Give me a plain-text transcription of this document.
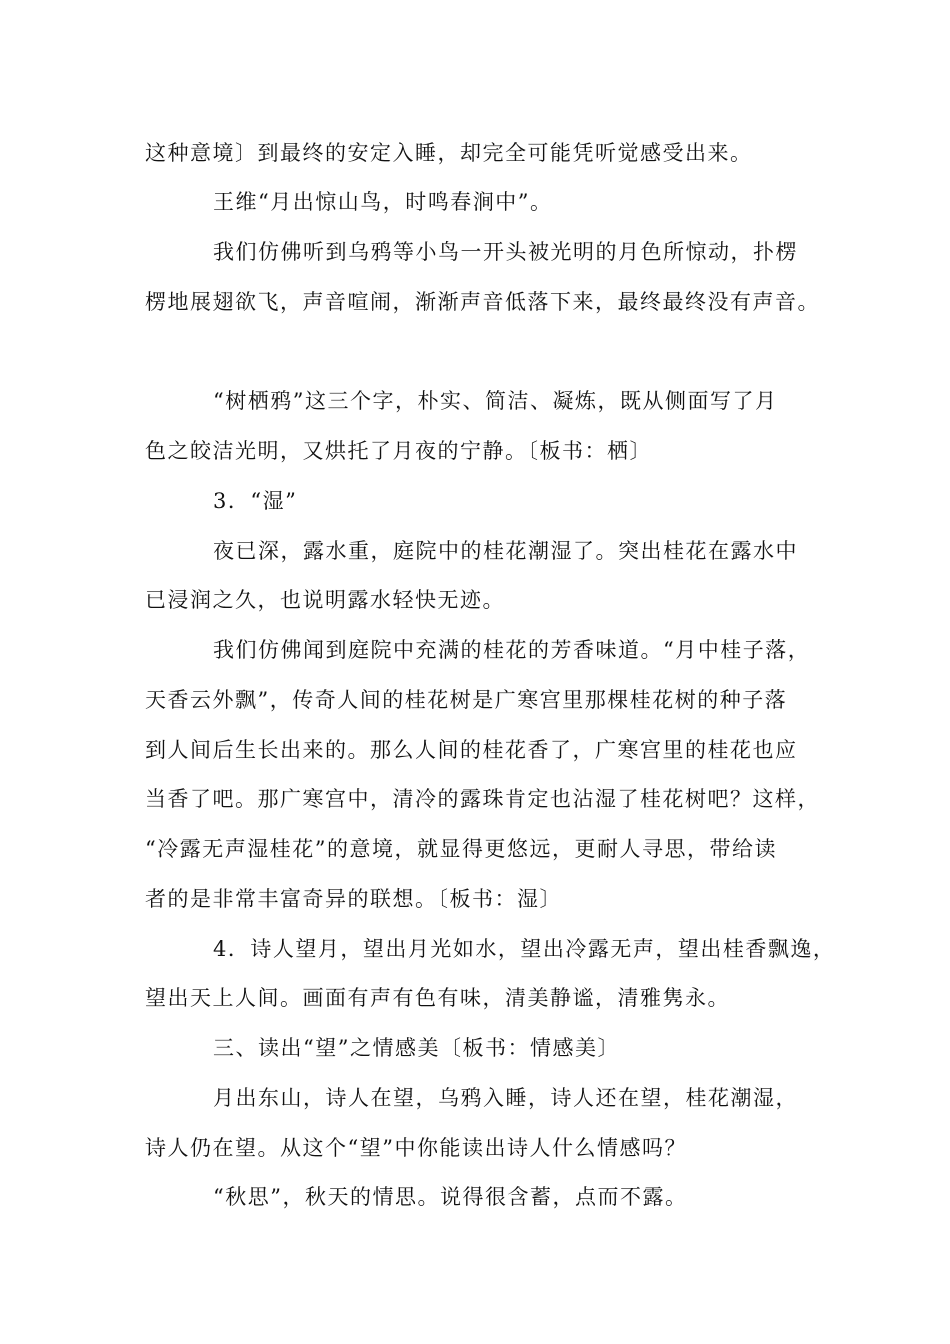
这种意境〕到最终的安定入睡，却完全可能凭听觉感受出来。
王维“月出惊山鸟，时鸣春涧中”。
我们仿佛听到乌鸦等小鸟一开头被光明的月色所惊动，扑楞
楞地展翅欲飞，声音喧闹，渐渐声音低落下来，最终最终没有声音。
“树栖鸦”这三个字，朴实、简洁、凝炼，既从侧面写了月
色之皎洁光明，又烘托了月夜的宁静。〔板书：栖〕
3．“湿”
夜已深，露水重，庭院中的桂花潮湿了。突出桂花在露水中
已浸润之久，也说明露水轻快无迹。
我们仿佛闻到庭院中充满的桂花的芳香味道。“月中桂子落，
天香云外飘”，传奇人间的桂花树是广寒宫里那棵桂花树的种子落
到人间后生长出来的。那么人间的桂花香了，广寒宫里的桂花也应
当香了吧。那广寒宫中，清冷的露珠肯定也沾湿了桂花树吧？这样，
“冷露无声湿桂花”的意境，就显得更悠远，更耐人寻思，带给读
者的是非常丰富奇异的联想。〔板书：湿〕
4．诗人望月，望出月光如水，望出冷露无声，望出桂香飘逸，
望出天上人间。画面有声有色有味，清美静谧，清雅隽永。
三、读出“望”之情感美〔板书：情感美〕
月出东山，诗人在望，乌鸦入睡，诗人还在望，桂花潮湿，
诗人仍在望。从这个“望”中你能读出诗人什么情感吗？
“秋思”，秋天的情思。说得很含蓄，点而不露。
